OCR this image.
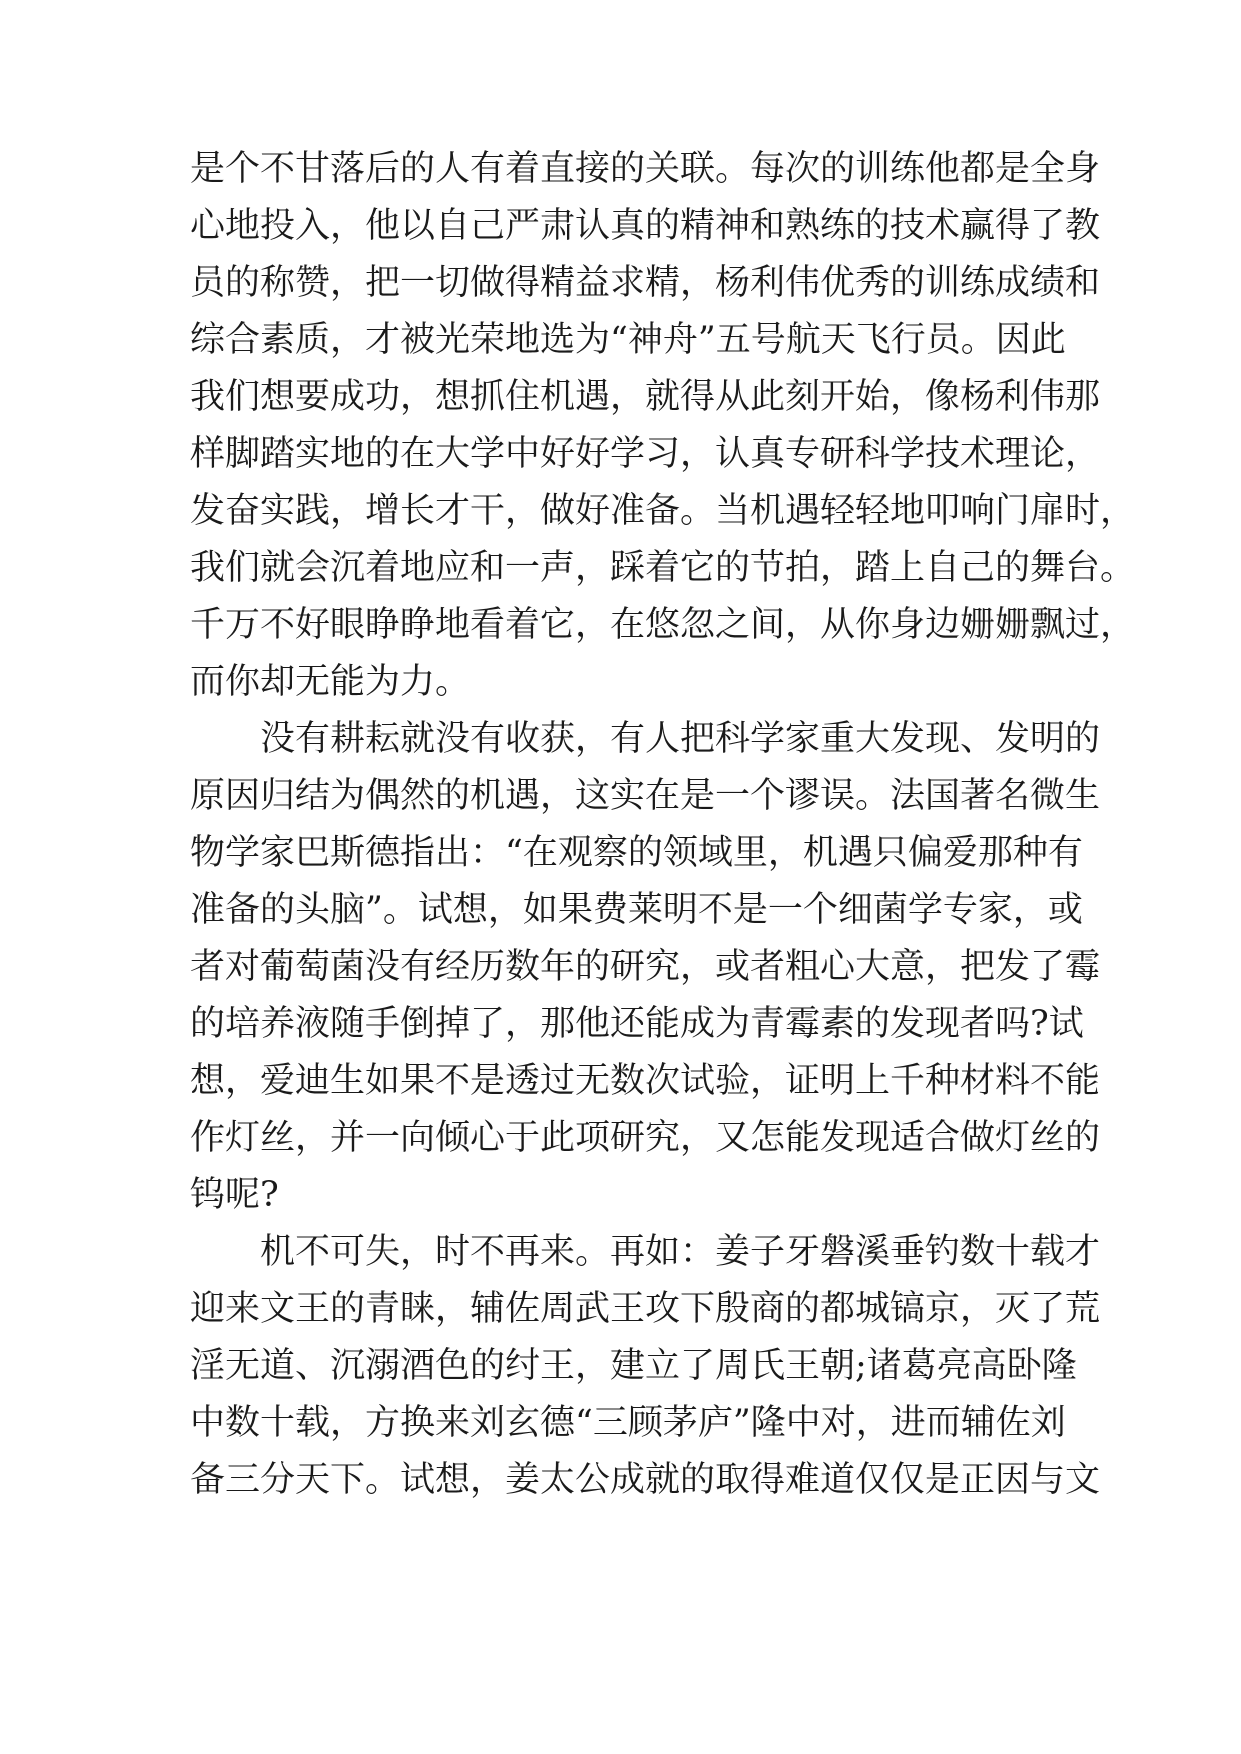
是个不甘落后的人有着直接的关联。每次的训练他都是全身
心地投入，他以自己严肃认真的精神和熟练的技术赢得了教
员的称赞，把一切做得精益求精，杨利伟优秀的训练成绩和
综合素质，才被光荣地选为“神舟”五号航天飞行员。因此
我们想要成功，想抓住机遇，就得从此刻开始，像杨利伟那
样脚踏实地的在大学中好好学习，认真专研科学技术理论，
发奋实践，增长才干，做好准备。当机遇轻轻地叩响门扉时，
我们就会沉着地应和一声，踩着它的节拍，踏上自己的舞台。
千万不好眼睁睁地看着它，在悠忽之间，从你身边姗姗飘过，
而你却无能为力。
没有耕耘就没有收获，有人把科学家重大发现、发明的
原因归结为偶然的机遇，这实在是一个谬误。法国著名微生
物学家巴斯德指出：“在观察的领域里，机遇只偏爱那种有
准备的头脑”。试想，如果费莱明不是一个细菌学专家，或
者对葡萄菌没有经历数年的研究，或者粗心大意，把发了霉
的培养液随手倒掉了，那他还能成为青霉素的发现者吗?试
想，爱迪生如果不是透过无数次试验，证明上千种材料不能
作灯丝，并一向倾心于此项研究，又怎能发现适合做灯丝的
钨呢?
机不可失，时不再来。再如：姜子牙磐溪垂钓数十载才
迎来文王的青睐，辅佐周武王攻下殷商的都城镐京，灭了荒
淫无道、沉溺酒色的纣王，建立了周氏王朝;诸葛亮高卧隆
中数十载，方换来刘玄德“三顾茅庐”隆中对，进而辅佐刘
备三分天下。试想，姜太公成就的取得难道仅仅是正因与文
